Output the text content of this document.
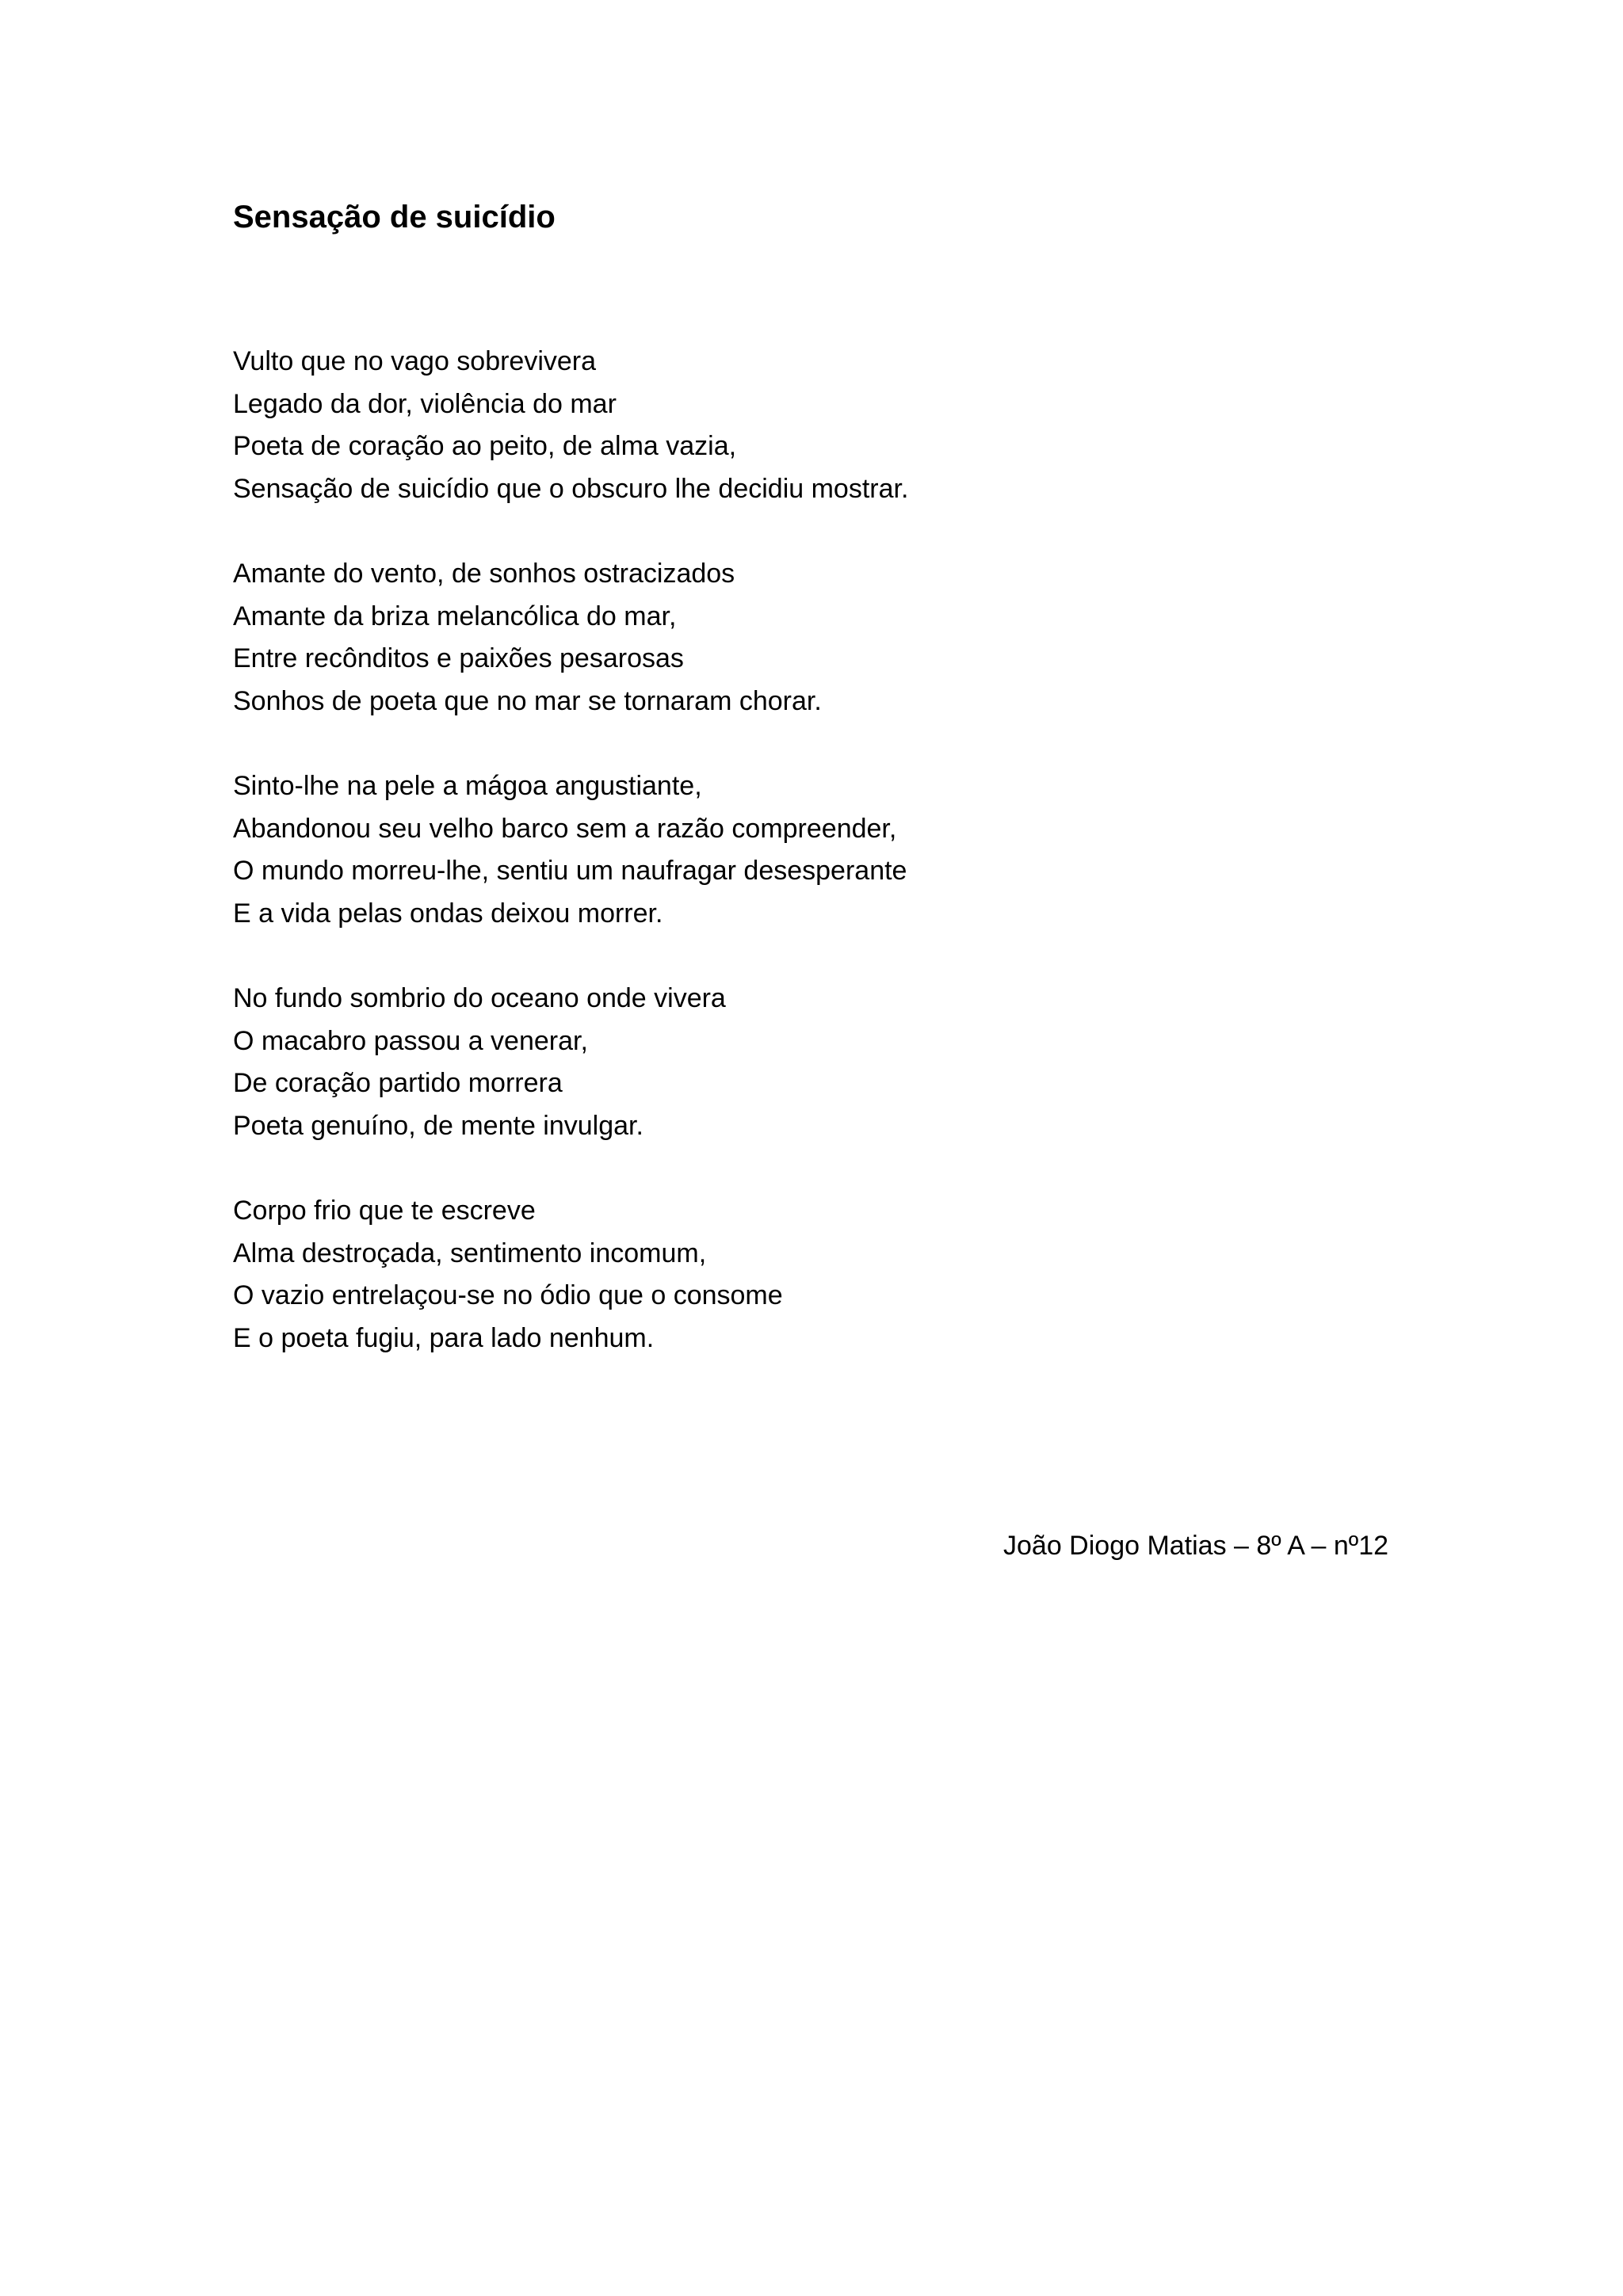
Sensação de suicídio
Vulto que no vago sobrevivera
Legado da dor, violência do mar
Poeta de coração ao peito, de alma vazia,
Sensação de suicídio que o obscuro lhe decidiu mostrar.
Amante do vento, de sonhos ostracizados
Amante da briza melancólica do mar,
Entre recônditos e paixões pesarosas
Sonhos de poeta que no mar se tornaram chorar.
Sinto-lhe na pele a mágoa angustiante,
Abandonou seu velho barco sem a razão compreender,
O mundo morreu-lhe, sentiu um naufragar desesperante
E a vida pelas ondas deixou morrer.
No fundo sombrio do oceano onde vivera
O macabro passou a venerar,
De coração partido morrera
Poeta genuíno, de mente invulgar.
Corpo frio que te escreve
Alma destroçada, sentimento incomum,
O vazio entrelaçou-se no ódio que o consome
E o poeta fugiu, para lado nenhum.

João Diogo Matias – 8º A – nº12
